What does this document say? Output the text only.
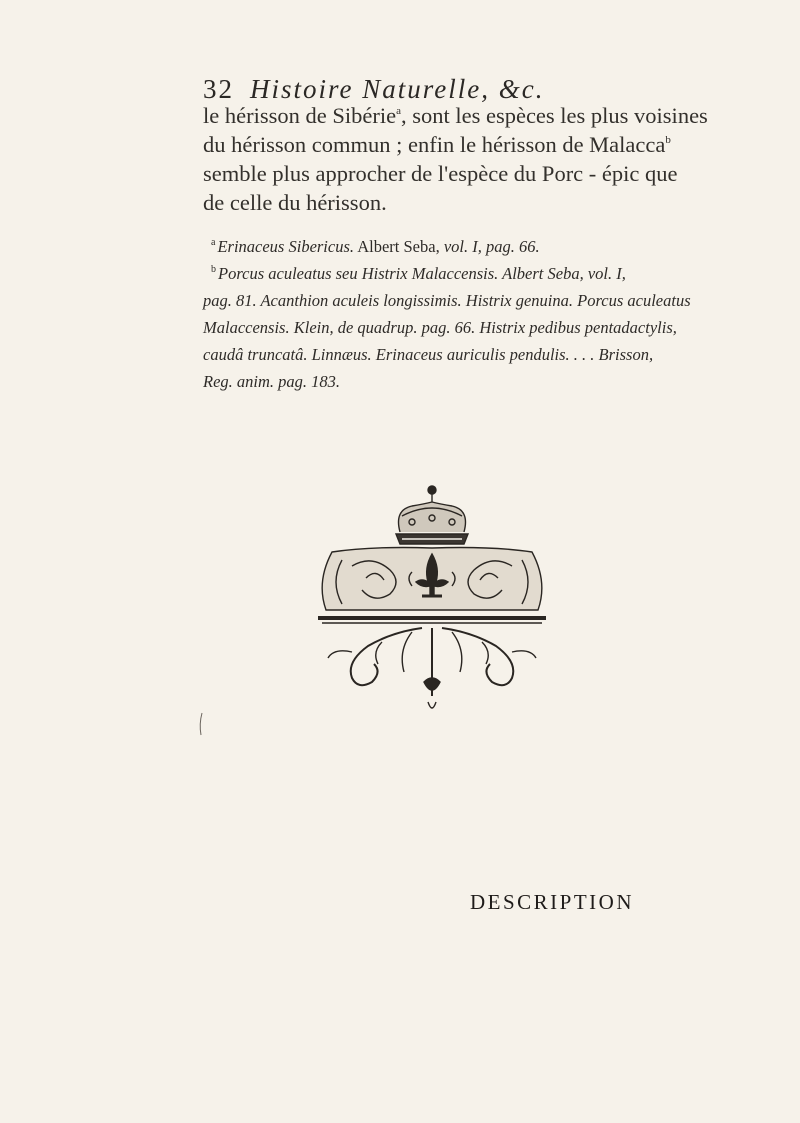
32 Histoire Naturelle, &c.

le hérisson de Sibérie$^a$, sont les espèces les plus voisines
du hérisson commun ; enfin le hérisson de Malacca$^b$
semble plus approcher de l'espèce du Porc - épic que
de celle du hérisson.

$^a$ Erinaceus Sibericus. Albert Seba, vol. I, pag. 66.
$^b$ Porcus aculeatus seu Histrix Malaccensis. Albert Seba, vol. I,
pag. 81. Acanthion aculeis longissimis. Histrix genuina. Porcus aculeatus
Malaccensis. Klein, de quadrup. pag. 66. Histrix pedibus pentadactylis,
caudâ truncatâ. Linnæus. Erinaceus auriculis pendulis. . . . Brisson,
Reg. anim. pag. 183.
DESCRIPTION
